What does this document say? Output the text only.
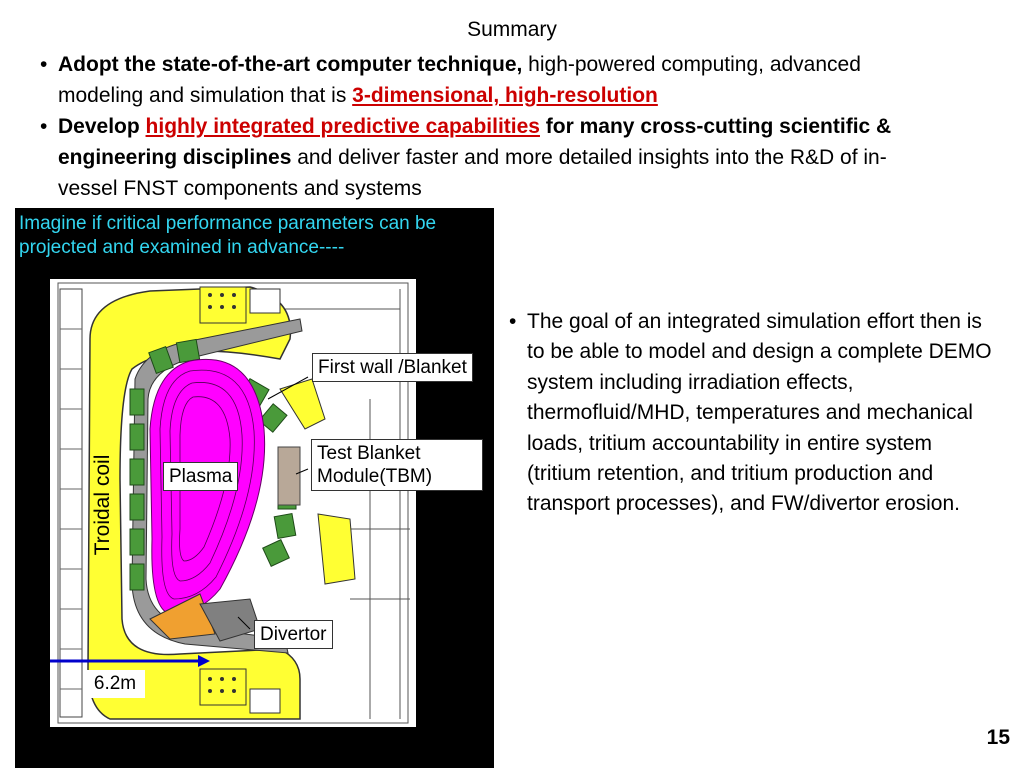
Summary
• Adopt the state-of-the-art computer technique, high-powered computing, advanced modeling and simulation that is 3-dimensional, high-resolution
• Develop highly integrated predictive capabilities for many cross-cutting scientific & engineering disciplines and deliver faster and more detailed insights into the R&D of in-vessel FNST components and systems
Imagine if critical performance parameters can be projected and examined in advance----
First wall /Blanket
Test Blanket Module(TBM)
Plasma
Divertor
Troidal coil
6.2m
• The goal of an integrated simulation effort then is to be able to model and design a complete DEMO system including irradiation effects, thermofluid/MHD, temperatures and mechanical loads, tritium accountability in entire system (tritium retention, and tritium production and transport processes), and FW/divertor erosion.
15
